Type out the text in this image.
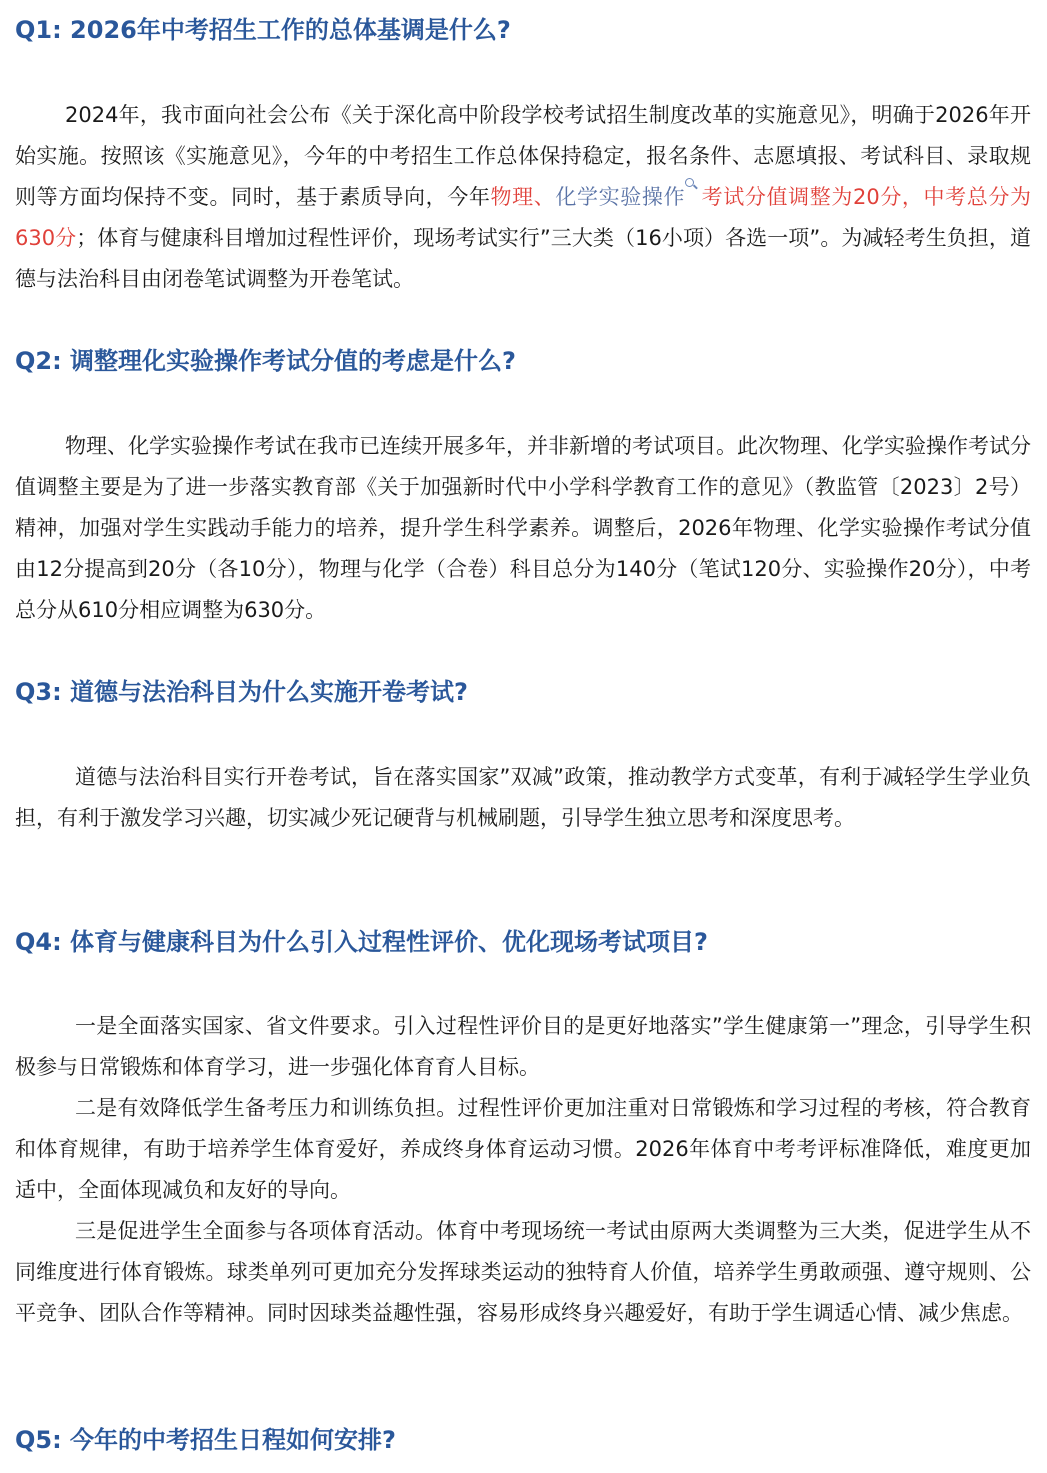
Q1: 2026年中考招生工作的总体基调是什么?

2024年，我市面向社会公布《关于深化高中阶段学校考试招生制度改革的实施意见》，明确于2026年开始实施。按照该《实施意见》，今年的中考招生工作总体保持稳定，报名条件、志愿填报、考试科目、录取规则等方面均保持不变。同时，基于素质导向，今年物理、化学实验操作 考试分值调整为20分，中考总分为630分；体育与健康科目增加过程性评价，现场考试实行”三大类（16小项）各选一项”。为减轻考生负担，道德与法治科目由闭卷笔试调整为开卷笔试。

Q2: 调整理化实验操作考试分值的考虑是什么?

物理、化学实验操作考试在我市已连续开展多年，并非新增的考试项目。此次物理、化学实验操作考试分值调整主要是为了进一步落实教育部《关于加强新时代中小学科学教育工作的意见》（教监管〔2023〕2号）精神，加强对学生实践动手能力的培养，提升学生科学素养。调整后，2026年物理、化学实验操作考试分值由12分提高到20分（各10分），物理与化学（合卷）科目总分为140分（笔试120分、实验操作20分），中考总分从610分相应调整为630分。

Q3: 道德与法治科目为什么实施开卷考试?

道德与法治科目实行开卷考试，旨在落实国家”双减”政策，推动教学方式变革，有利于减轻学生学业负担，有利于激发学习兴趣，切实减少死记硬背与机械刷题，引导学生独立思考和深度思考。

Q4: 体育与健康科目为什么引入过程性评价、优化现场考试项目?

一是全面落实国家、省文件要求。引入过程性评价目的是更好地落实”学生健康第一”理念，引导学生积极参与日常锻炼和体育学习，进一步强化体育育人目标。

二是有效降低学生备考压力和训练负担。过程性评价更加注重对日常锻炼和学习过程的考核，符合教育和体育规律，有助于培养学生体育爱好，养成终身体育运动习惯。2026年体育中考考评标准降低，难度更加适中，全面体现减负和友好的导向。

三是促进学生全面参与各项体育活动。体育中考现场统一考试由原两大类调整为三大类，促进学生从不同维度进行体育锻炼。球类单列可更加充分发挥球类运动的独特育人价值，培养学生勇敢顽强、遵守规则、公平竞争、团队合作等精神。同时因球类益趣性强，容易形成终身兴趣爱好，有助于学生调适心情、减少焦虑。

Q5: 今年的中考招生日程如何安排?
